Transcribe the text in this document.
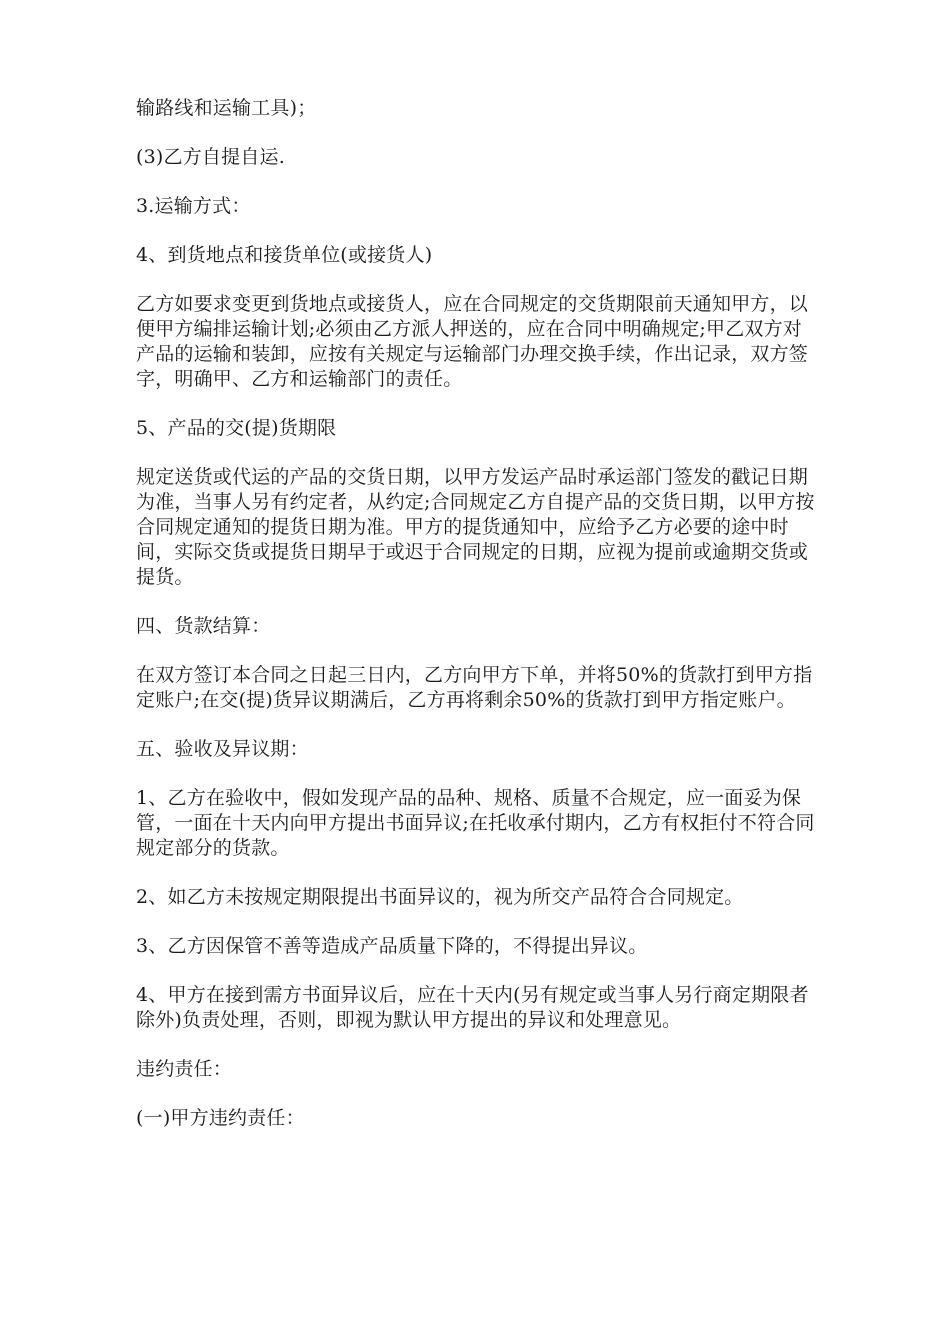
输路线和运输工具)；

(3)乙方自提自运.

3.运输方式：

4、到货地点和接货单位(或接货人)

乙方如要求变更到货地点或接货人，应在合同规定的交货期限前天通知甲方，以便甲方编排运输计划;必须由乙方派人押送的，应在合同中明确规定;甲乙双方对产品的运输和装卸，应按有关规定与运输部门办理交换手续，作出记录，双方签字，明确甲、乙方和运输部门的责任。

5、产品的交(提)货期限

规定送货或代运的产品的交货日期，以甲方发运产品时承运部门签发的戳记日期为准，当事人另有约定者，从约定;合同规定乙方自提产品的交货日期，以甲方按合同规定通知的提货日期为准。甲方的提货通知中，应给予乙方必要的途中时间，实际交货或提货日期早于或迟于合同规定的日期，应视为提前或逾期交货或提货。

四、货款结算：

在双方签订本合同之日起三日内，乙方向甲方下单，并将50%的货款打到甲方指定账户;在交(提)货异议期满后，乙方再将剩余50%的货款打到甲方指定账户。

五、验收及异议期：

1、乙方在验收中，假如发现产品的品种、规格、质量不合规定，应一面妥为保管，一面在十天内向甲方提出书面异议;在托收承付期内，乙方有权拒付不符合同规定部分的货款。

2、如乙方未按规定期限提出书面异议的，视为所交产品符合合同规定。

3、乙方因保管不善等造成产品质量下降的，不得提出异议。

4、甲方在接到需方书面异议后，应在十天内(另有规定或当事人另行商定期限者除外)负责处理，否则，即视为默认甲方提出的异议和处理意见。

违约责任：

(一)甲方违约责任：
